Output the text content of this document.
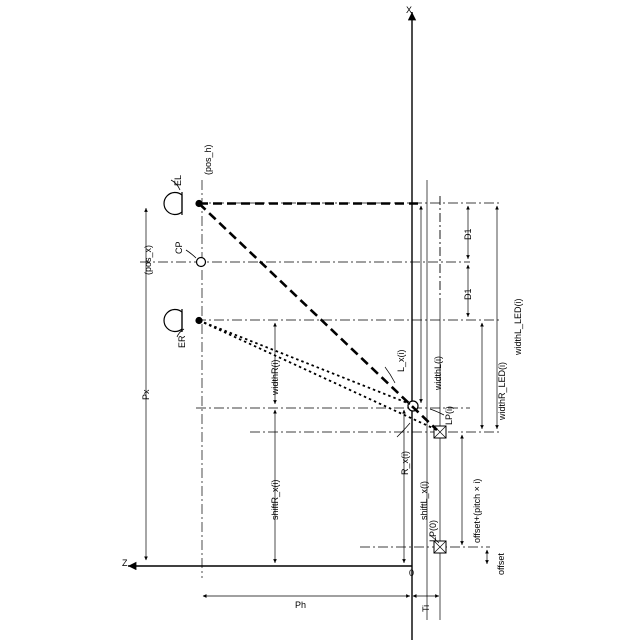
X
Z
0
EL
(pos_h)
CP
(pos_x)
ER
Px
Ph	Ti
D1
D1
widthL_LED(i)
widthR_LED(i)
widthL(i)
widthR(i)
shiftR_x(i)	shiftL_x(i)
L_x(i)
R_x(i)
LP(i)
LP(0)	offset+(pitch × i)
offset
